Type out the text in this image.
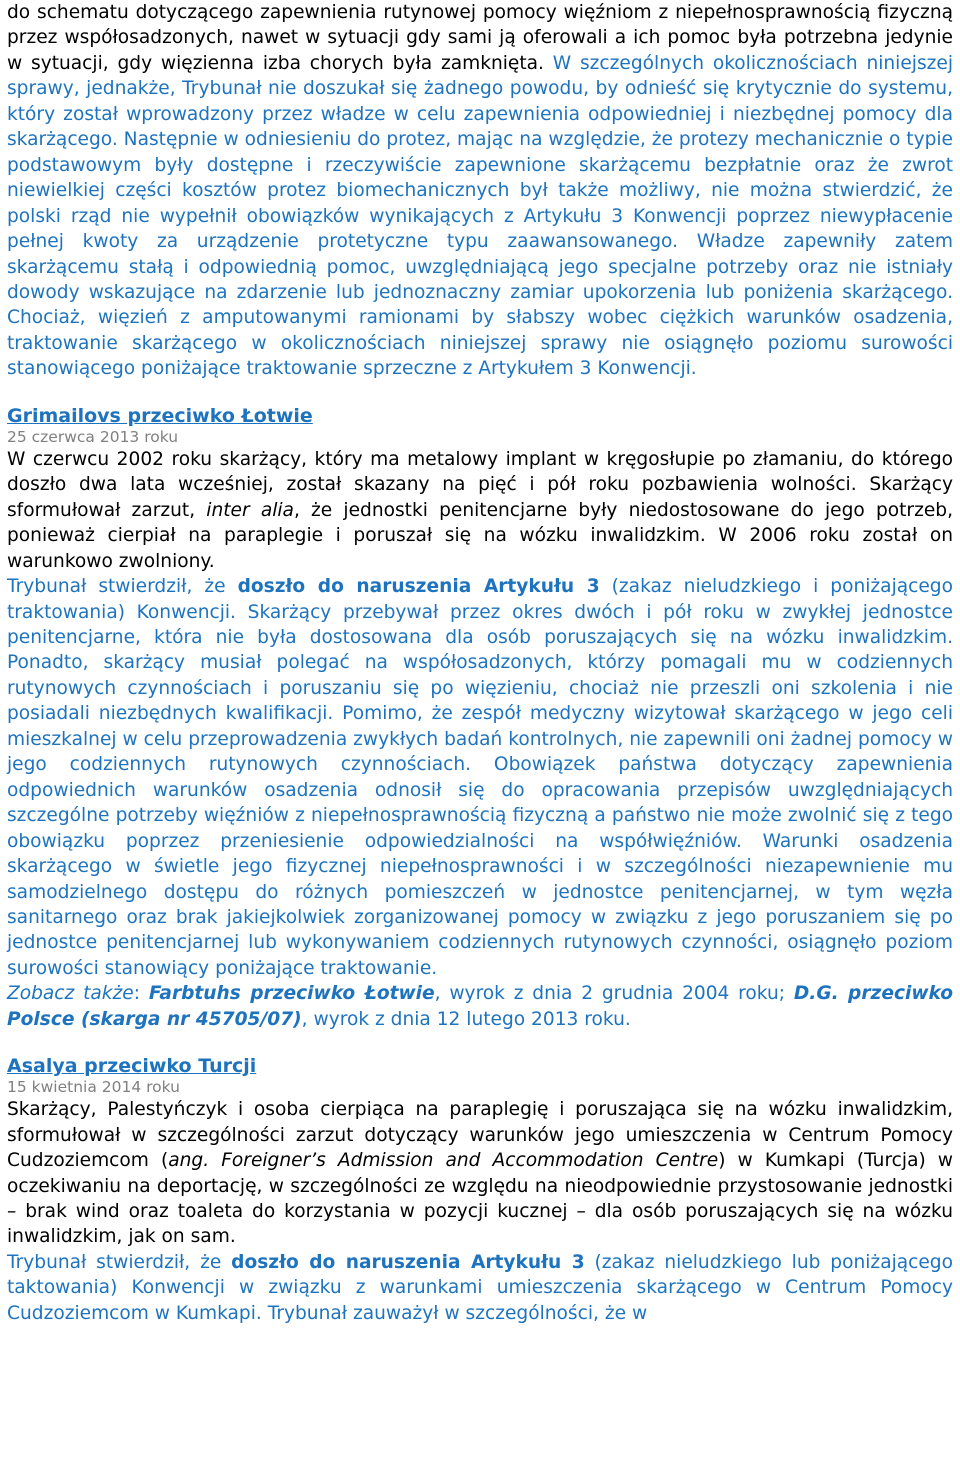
do schematu dotyczącego zapewnienia rutynowej pomocy więźniom z niepełnosprawnością fizyczną przez współosadzonych, nawet w sytuacji gdy sami ją oferowali a ich pomoc była potrzebna jedynie w sytuacji, gdy więzienna izba chorych była zamknięta. W szczególnych okolicznościach niniejszej sprawy, jednakże, Trybunał nie doszukał się żadnego powodu, by odnieść się krytycznie do systemu, który został wprowadzony przez władze w celu zapewnienia odpowiedniej i niezbędnej pomocy dla skarżącego. Następnie w odniesieniu do protez, mając na względzie, że protezy mechanicznie o typie podstawowym były dostępne i rzeczywiście zapewnione skarżącemu bezpłatnie oraz że zwrot niewielkiej części kosztów protez biomechanicznych był także możliwy, nie można stwierdzić, że polski rząd nie wypełnił obowiązków wynikających z Artykułu 3 Konwencji poprzez niewypłacenie pełnej kwoty za urządzenie protetyczne typu zaawansowanego. Władze zapewniły zatem skarżącemu stałą i odpowiednią pomoc, uwzględniającą jego specjalne potrzeby oraz nie istniały dowody wskazujące na zdarzenie lub jednoznaczny zamiar upokorzenia lub poniżenia skarżącego. Chociaż, więzień z amputowanymi ramionami by słabszy wobec ciężkich warunków osadzenia, traktowanie skarżącego w okolicznościach niniejszej sprawy nie osiągnęło poziomu surowości stanowiącego poniżające traktowanie sprzeczne z Artykułem 3 Konwencji.

Grimailovs przeciwko Łotwie
25 czerwca 2013 roku

W czerwcu 2002 roku skarżący, który ma metalowy implant w kręgosłupie po złamaniu, do którego doszło dwa lata wcześniej, został skazany na pięć i pół roku pozbawienia wolności. Skarżący sformułował zarzut, inter alia, że jednostki penitencjarne były niedostosowane do jego potrzeb, ponieważ cierpiał na paraplegie i poruszał się na wózku inwalidzkim. W 2006 roku został on warunkowo zwolniony.

Trybunał stwierdził, że doszło do naruszenia Artykułu 3 (zakaz nieludzkiego i poniżającego traktowania) Konwencji. Skarżący przebywał przez okres dwóch i pół roku w zwykłej jednostce penitencjarne, która nie była dostosowana dla osób poruszających się na wózku inwalidzkim. Ponadto, skarżący musiał polegać na współosadzonych, którzy pomagali mu w codziennych rutynowych czynnościach i poruszaniu się po więzieniu, chociaż nie przeszli oni szkolenia i nie posiadali niezbędnych kwalifikacji. Pomimo, że zespół medyczny wizytował skarżącego w jego celi mieszkalnej w celu przeprowadzenia zwykłych badań kontrolnych, nie zapewnili oni żadnej pomocy w jego codziennych rutynowych czynnościach. Obowiązek państwa dotyczący zapewnienia odpowiednich warunków osadzenia odnosił się do opracowania przepisów uwzględniających szczególne potrzeby więźniów z niepełnosprawnością fizyczną a państwo nie może zwolnić się z tego obowiązku poprzez przeniesienie odpowiedzialności na współwięźniów. Warunki osadzenia skarżącego w świetle jego fizycznej niepełnosprawności i w szczególności niezapewnienie mu samodzielnego dostępu do różnych pomieszczeń w jednostce penitencjarnej, w tym węzła sanitarnego oraz brak jakiejkolwiek zorganizowanej pomocy w związku z jego poruszaniem się po jednostce penitencjarnej lub wykonywaniem codziennych rutynowych czynności, osiągnęło poziom surowości stanowiący poniżające traktowanie.

Zobacz także: Farbtuhs przeciwko Łotwie, wyrok z dnia 2 grudnia 2004 roku; D.G. przeciwko Polsce (skarga nr 45705/07), wyrok z dnia 12 lutego 2013 roku.

Asalya przeciwko Turcji
15 kwietnia 2014 roku

Skarżący, Palestyńczyk i osoba cierpiąca na paraplegię i poruszająca się na wózku inwalidzkim, sformułował w szczególności zarzut dotyczący warunków jego umieszczenia w Centrum Pomocy Cudzoziemcom (ang. Foreigner’s Admission and Accommodation Centre) w Kumkapi (Turcja) w oczekiwaniu na deportację, w szczególności ze względu na nieodpowiednie przystosowanie jednostki – brak wind oraz toaleta do korzystania w pozycji kucznej – dla osób poruszających się na wózku inwalidzkim, jak on sam.

Trybunał stwierdził, że doszło do naruszenia Artykułu 3 (zakaz nieludzkiego lub poniżającego taktowania) Konwencji w związku z warunkami umieszczenia skarżącego w Centrum Pomocy Cudzoziemcom w Kumkapi. Trybunał zauważył w szczególności, że w
